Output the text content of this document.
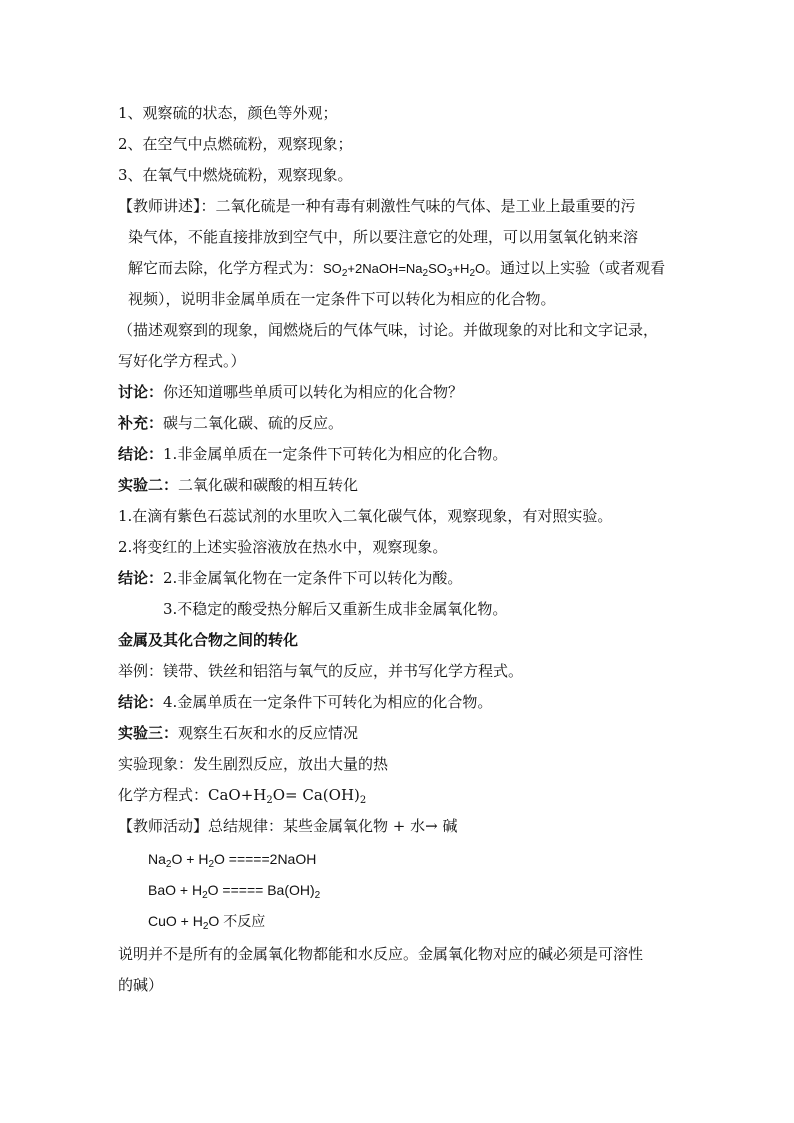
1、观察硫的状态，颜色等外观；
2、在空气中点燃硫粉，观察现象；
3、在氧气中燃烧硫粉，观察现象。
【教师讲述】：二氧化硫是一种有毒有刺激性气味的气体、是工业上最重要的污
染气体，不能直接排放到空气中，所以要注意它的处理，可以用氢氧化钠来溶
解它而去除，化学方程式为：$SO_2+2NaOH=Na_2SO_3+H_2O$。通过以上实验（或者观看
视频），说明非金属单质在一定条件下可以转化为相应的化合物。
（描述观察到的现象，闻燃烧后的气体气味，讨论。并做现象的对比和文字记录，
写好化学方程式。）
讨论：你还知道哪些单质可以转化为相应的化合物？
补充：碳与二氧化碳、硫的反应。
结论：1.非金属单质在一定条件下可转化为相应的化合物。
实验二：二氧化碳和碳酸的相互转化
1.在滴有紫色石蕊试剂的水里吹入二氧化碳气体，观察现象，有对照实验。
2.将变红的上述实验溶液放在热水中，观察现象。
结论：2.非金属氧化物在一定条件下可以转化为酸。
3.不稳定的酸受热分解后又重新生成非金属氧化物。
金属及其化合物之间的转化
举例：镁带、铁丝和铝箔与氧气的反应，并书写化学方程式。
结论：4.金属单质在一定条件下可转化为相应的化合物。
实验三：观察生石灰和水的反应情况
实验现象：发生剧烈反应，放出大量的热
化学方程式：$CaO+H_2O= Ca(OH)_2$
【教师活动】总结规律：某些金属氧化物 + 水→ 碱
$Na_2O + H_2O$ =====2NaOH
BaO + $H_2O$ ===== $Ba(OH)_2$
CuO + $H_2O$ 不反应
说明并不是所有的金属氧化物都能和水反应。金属氧化物对应的碱必须是可溶性
的碱）
